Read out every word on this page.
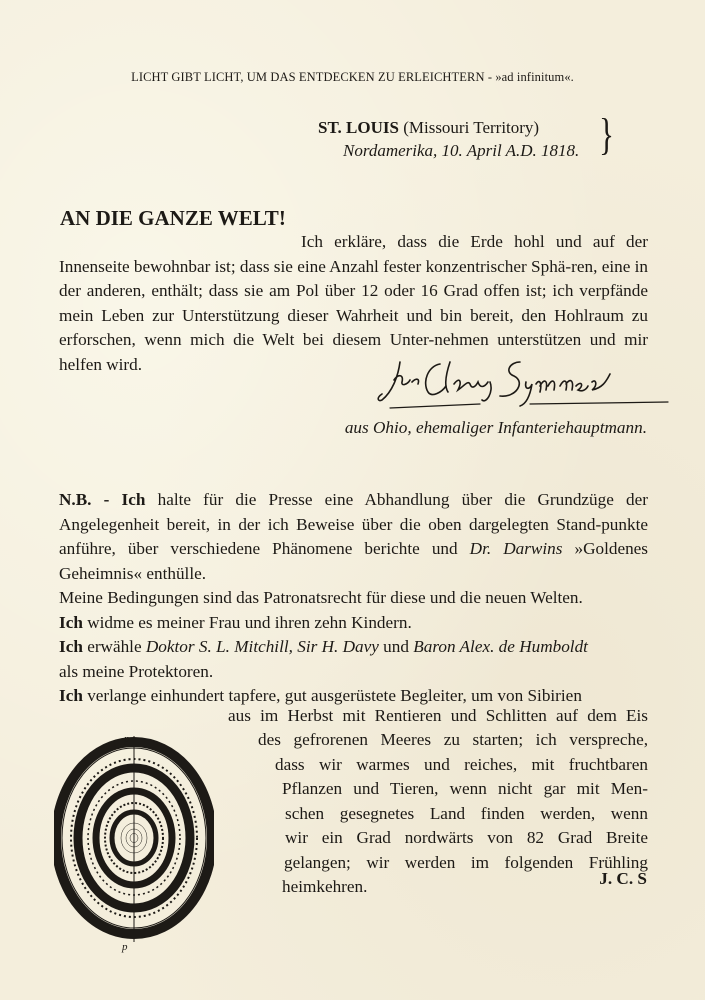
LICHT GIBT LICHT, UM DAS ENTDECKEN ZU ERLEICHTERN - »ad infinitum«.
ST. LOUIS (Missouri Territory)
Nordamerika, 10. April A.D. 1818. }
AN DIE GANZE WELT!

Ich erkläre, dass die Erde hohl und auf der Innenseite bewohnbar ist; dass sie eine Anzahl fester konzentrischer Sphä-ren, eine in der anderen, enthält; dass sie am Pol über 12 oder 16 Grad offen ist; ich verpfände mein Leben zur Unterstützung dieser Wahrheit und bin bereit, den Hohlraum zu erforschen, wenn mich die Welt bei diesem Unter-nehmen unterstützen und mir helfen wird.

aus Ohio, ehemaliger Infanteriehauptmann.

N.B. - Ich halte für die Presse eine Abhandlung über die Grundzüge der Angelegenheit bereit, in der ich Beweise über die oben dargelegten Stand-punkte anführe, über verschiedene Phänomene berichte und Dr. Darwins »Goldenes Geheimnis« enthülle.

Meine Bedingungen sind das Patronatsrecht für diese und die neuen Welten.

Ich widme es meiner Frau und ihren zehn Kindern.

Ich erwähle Doktor S. L. Mitchill, Sir H. Davy und Baron Alex. de Humboldt
als meine Protektoren.

Ich verlange einhundert tapfere, gut ausgerüstete Begleiter, um von Sibirien

aus im Herbst mit Rentieren und Schlitten auf dem Eis
des gefrorenen Meeres zu starten; ich verspreche,
dass wir warmes und reiches, mit fruchtbaren
Pflanzen und Tieren, wenn nicht gar mit Men-
schen gesegnetes Land finden werden, wenn
wir ein Grad nordwärts von 82 Grad Breite
gelangen; wir werden im folgenden Frühling
heimkehren.	J. C. S
p
p
